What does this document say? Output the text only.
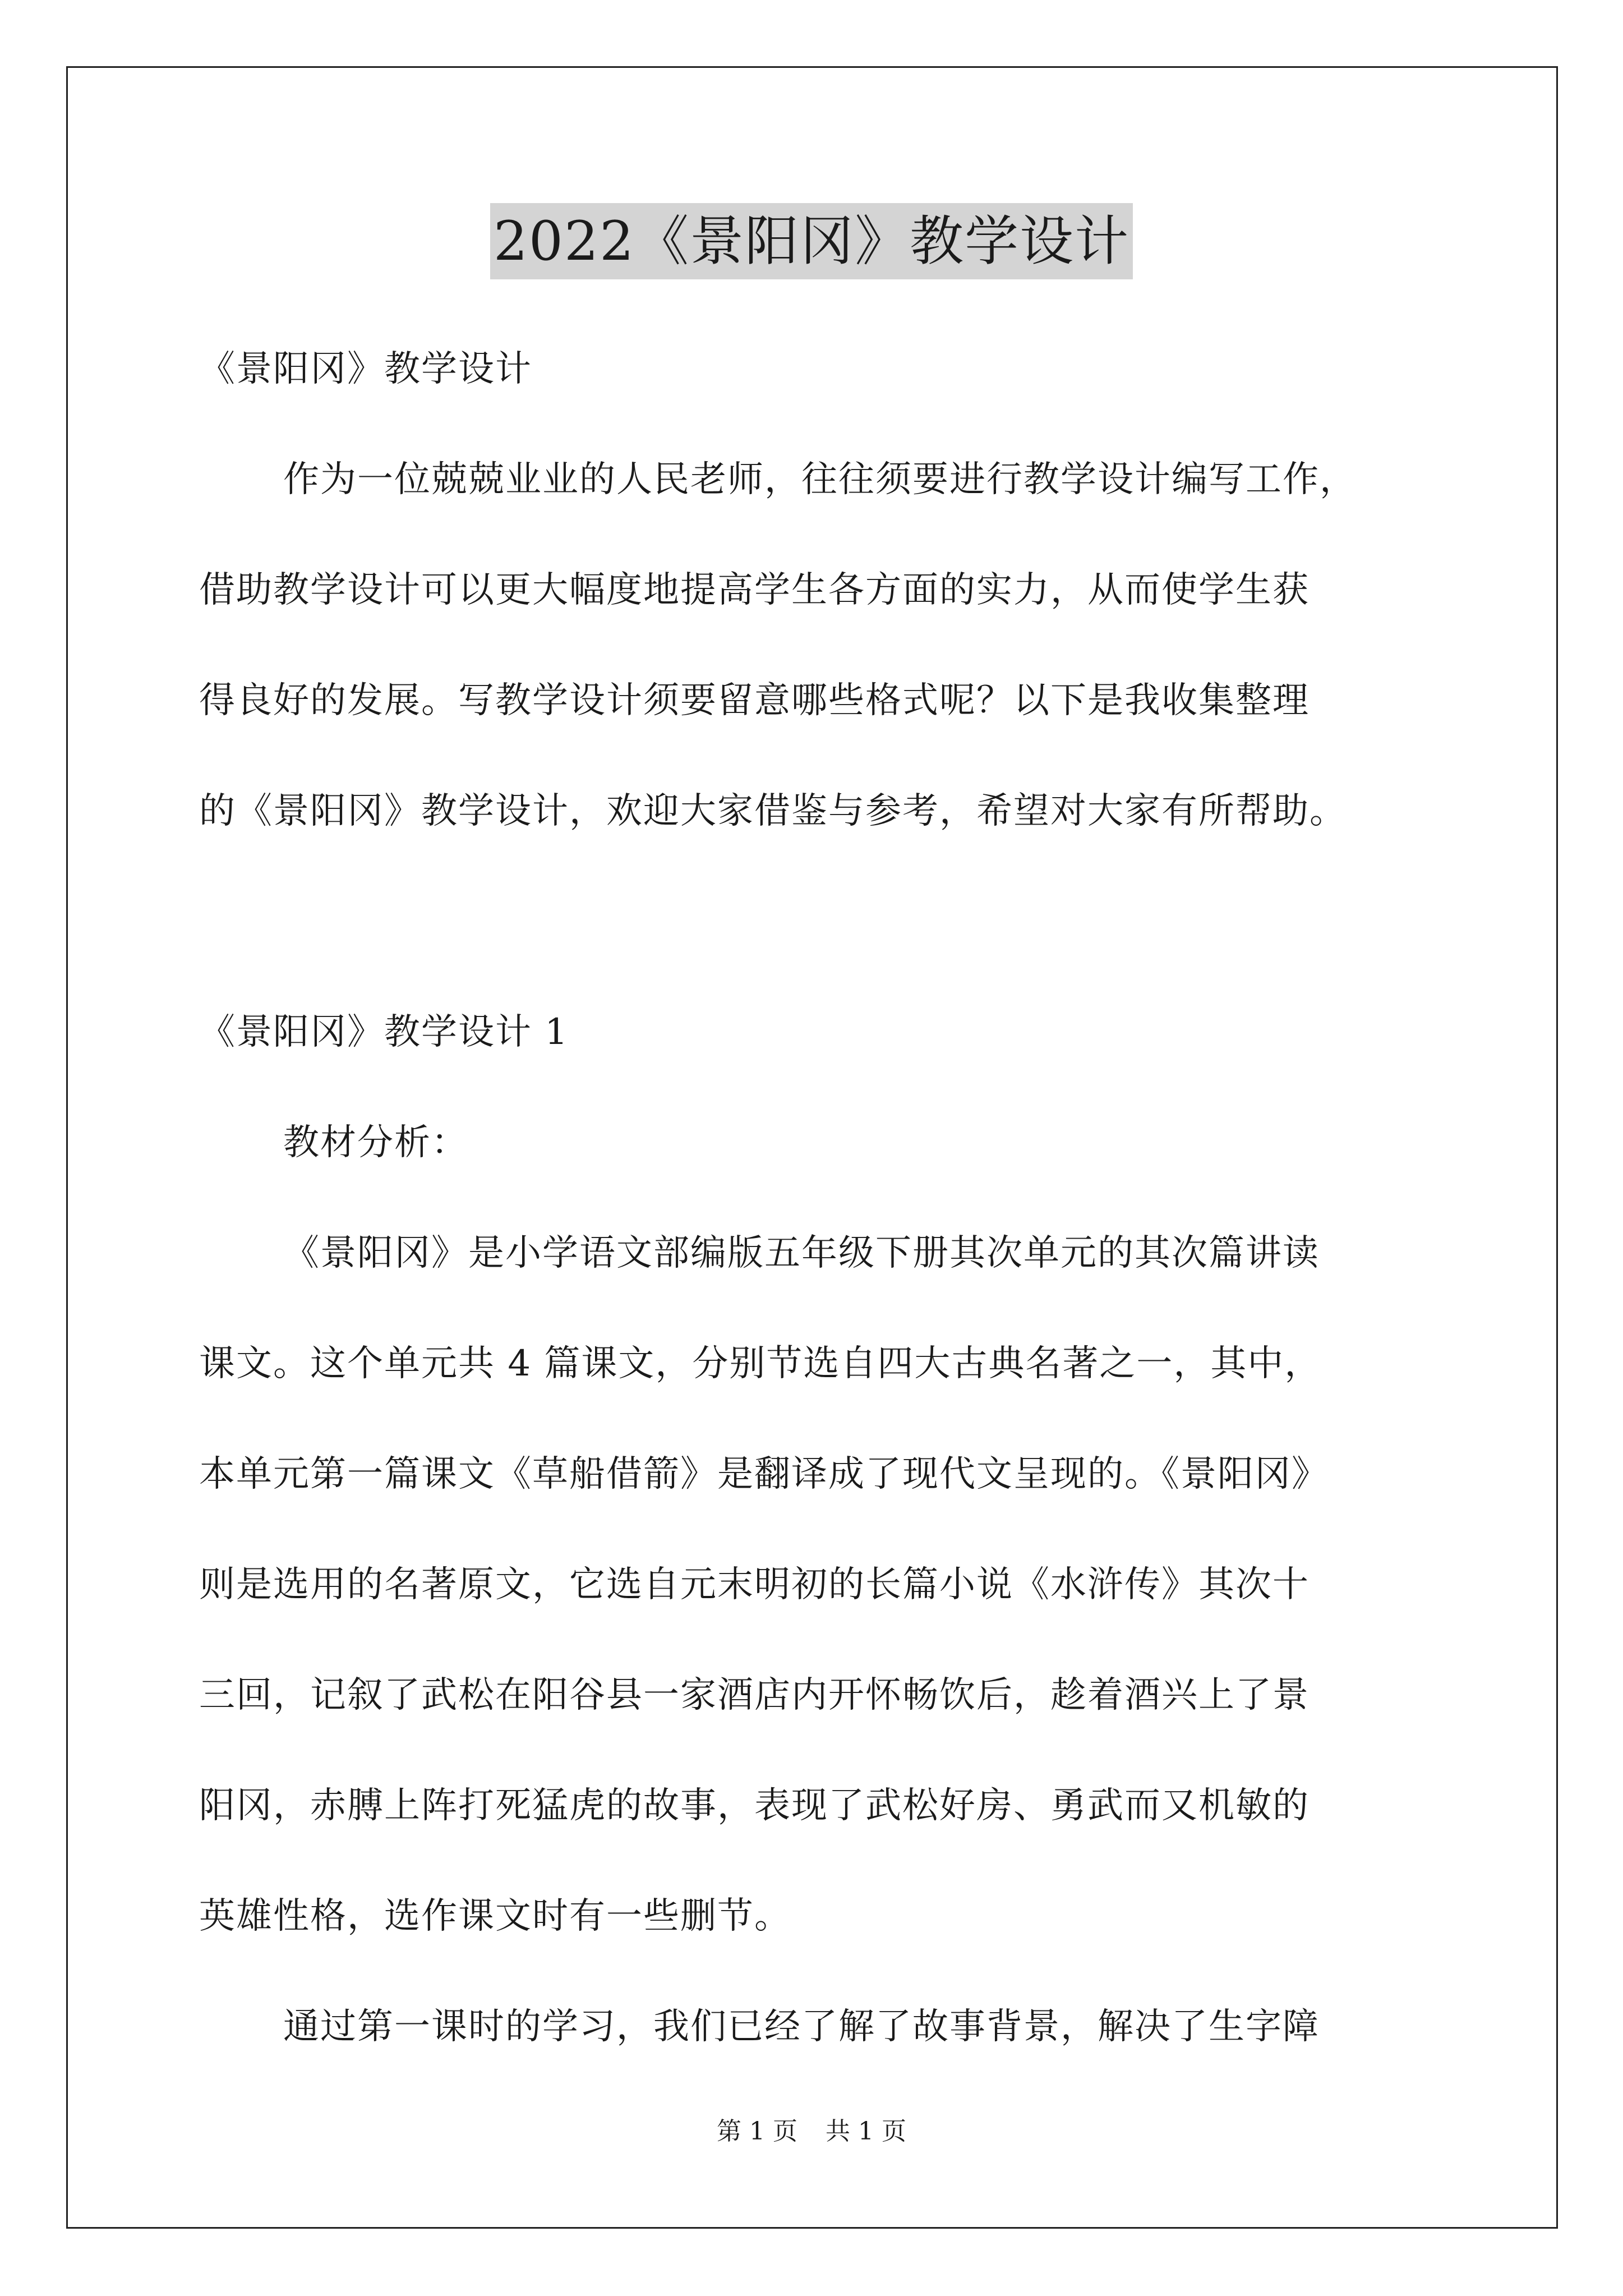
2022《景阳冈》教学设计
《景阳冈》教学设计
作为一位兢兢业业的人民老师，往往须要进行教学设计编写工作，
借助教学设计可以更大幅度地提高学生各方面的实力，从而使学生获
得良好的发展。写教学设计须要留意哪些格式呢？以下是我收集整理
的《景阳冈》教学设计，欢迎大家借鉴与参考，希望对大家有所帮助。
《景阳冈》教学设计 1
教材分析：
《景阳冈》是小学语文部编版五年级下册其次单元的其次篇讲读
课文。这个单元共 4 篇课文，分别节选自四大古典名著之一，其中，
本单元第一篇课文《草船借箭》是翻译成了现代文呈现的。《景阳冈》
则是选用的名著原文，它选自元末明初的长篇小说《水浒传》其次十
三回，记叙了武松在阳谷县一家酒店内开怀畅饮后，趁着酒兴上了景
阳冈，赤膊上阵打死猛虎的故事，表现了武松好房、勇武而又机敏的
英雄性格，选作课文时有一些删节。
通过第一课时的学习，我们已经了解了故事背景，解决了生字障
第 1 页 共 1 页
